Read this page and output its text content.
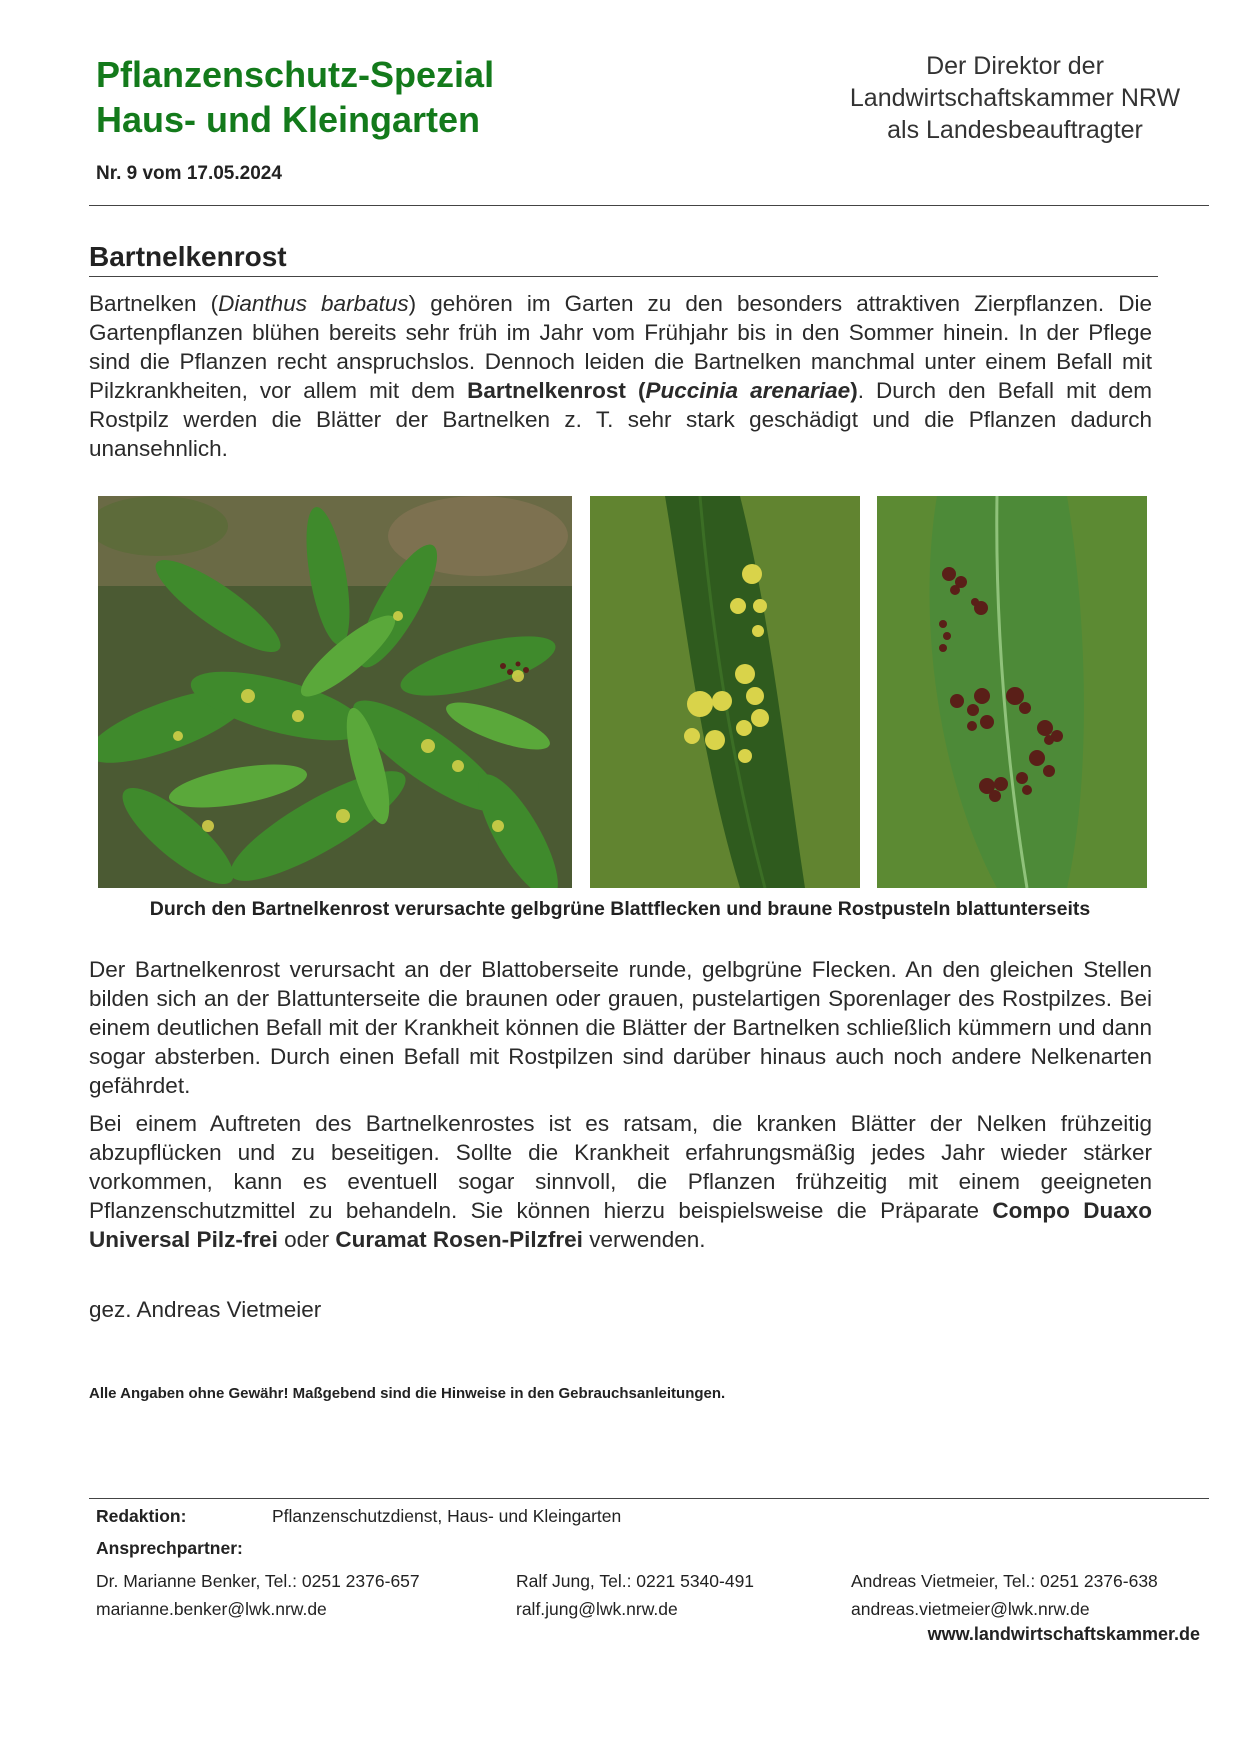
Pflanzenschutz-Spezial
Haus- und Kleingarten
Der Direktor der
Landwirtschaftskammer NRW
als Landesbeauftragter
Nr. 9 vom 17.05.2024
Bartnelkenrost

Bartnelken (Dianthus barbatus) gehören im Garten zu den besonders attraktiven Zierpflanzen. Die Gartenpflanzen blühen bereits sehr früh im Jahr vom Frühjahr bis in den Sommer hinein. In der Pflege sind die Pflanzen recht anspruchslos. Dennoch leiden die Bartnelken manchmal unter einem Befall mit Pilzkrankheiten, vor allem mit dem Bartnelkenrost (Puccinia arenariae). Durch den Befall mit dem Rostpilz werden die Blätter der Bartnelken z. T. sehr stark geschädigt und die Pflanzen dadurch unansehnlich.

Durch den Bartnelkenrost verursachte gelbgrüne Blattflecken und braune Rostpusteln blattunterseits

Der Bartnelkenrost verursacht an der Blattoberseite runde, gelbgrüne Flecken. An den gleichen Stellen bilden sich an der Blattunterseite die braunen oder grauen, pustelartigen Sporenlager des Rostpilzes. Bei einem deutlichen Befall mit der Krankheit können die Blätter der Bartnelken schließlich kümmern und dann sogar absterben. Durch einen Befall mit Rostpilzen sind darüber hinaus auch noch andere Nelkenarten gefährdet.

Bei einem Auftreten des Bartnelkenrostes ist es ratsam, die kranken Blätter der Nelken frühzeitig abzupflücken und zu beseitigen. Sollte die Krankheit erfahrungsmäßig jedes Jahr wieder stärker vorkommen, kann es eventuell sogar sinnvoll, die Pflanzen frühzeitig mit einem geeigneten Pflanzenschutzmittel zu behandeln. Sie können hierzu beispielsweise die Präparate Compo Duaxo Universal Pilz-frei oder Curamat Rosen-Pilzfrei verwenden.

gez. Andreas Vietmeier
Alle Angaben ohne Gewähr! Maßgebend sind die Hinweise in den Gebrauchsanleitungen.
Redaktion:	Pflanzenschutzdienst, Haus- und Kleingarten
Ansprechpartner:
Dr. Marianne Benker, Tel.: 0251 2376-657
marianne.benker@lwk.nrw.de
Ralf Jung, Tel.: 0221 5340-491
ralf.jung@lwk.nrw.de
Andreas Vietmeier, Tel.: 0251 2376-638
andreas.vietmeier@lwk.nrw.de
www.landwirtschaftskammer.de
